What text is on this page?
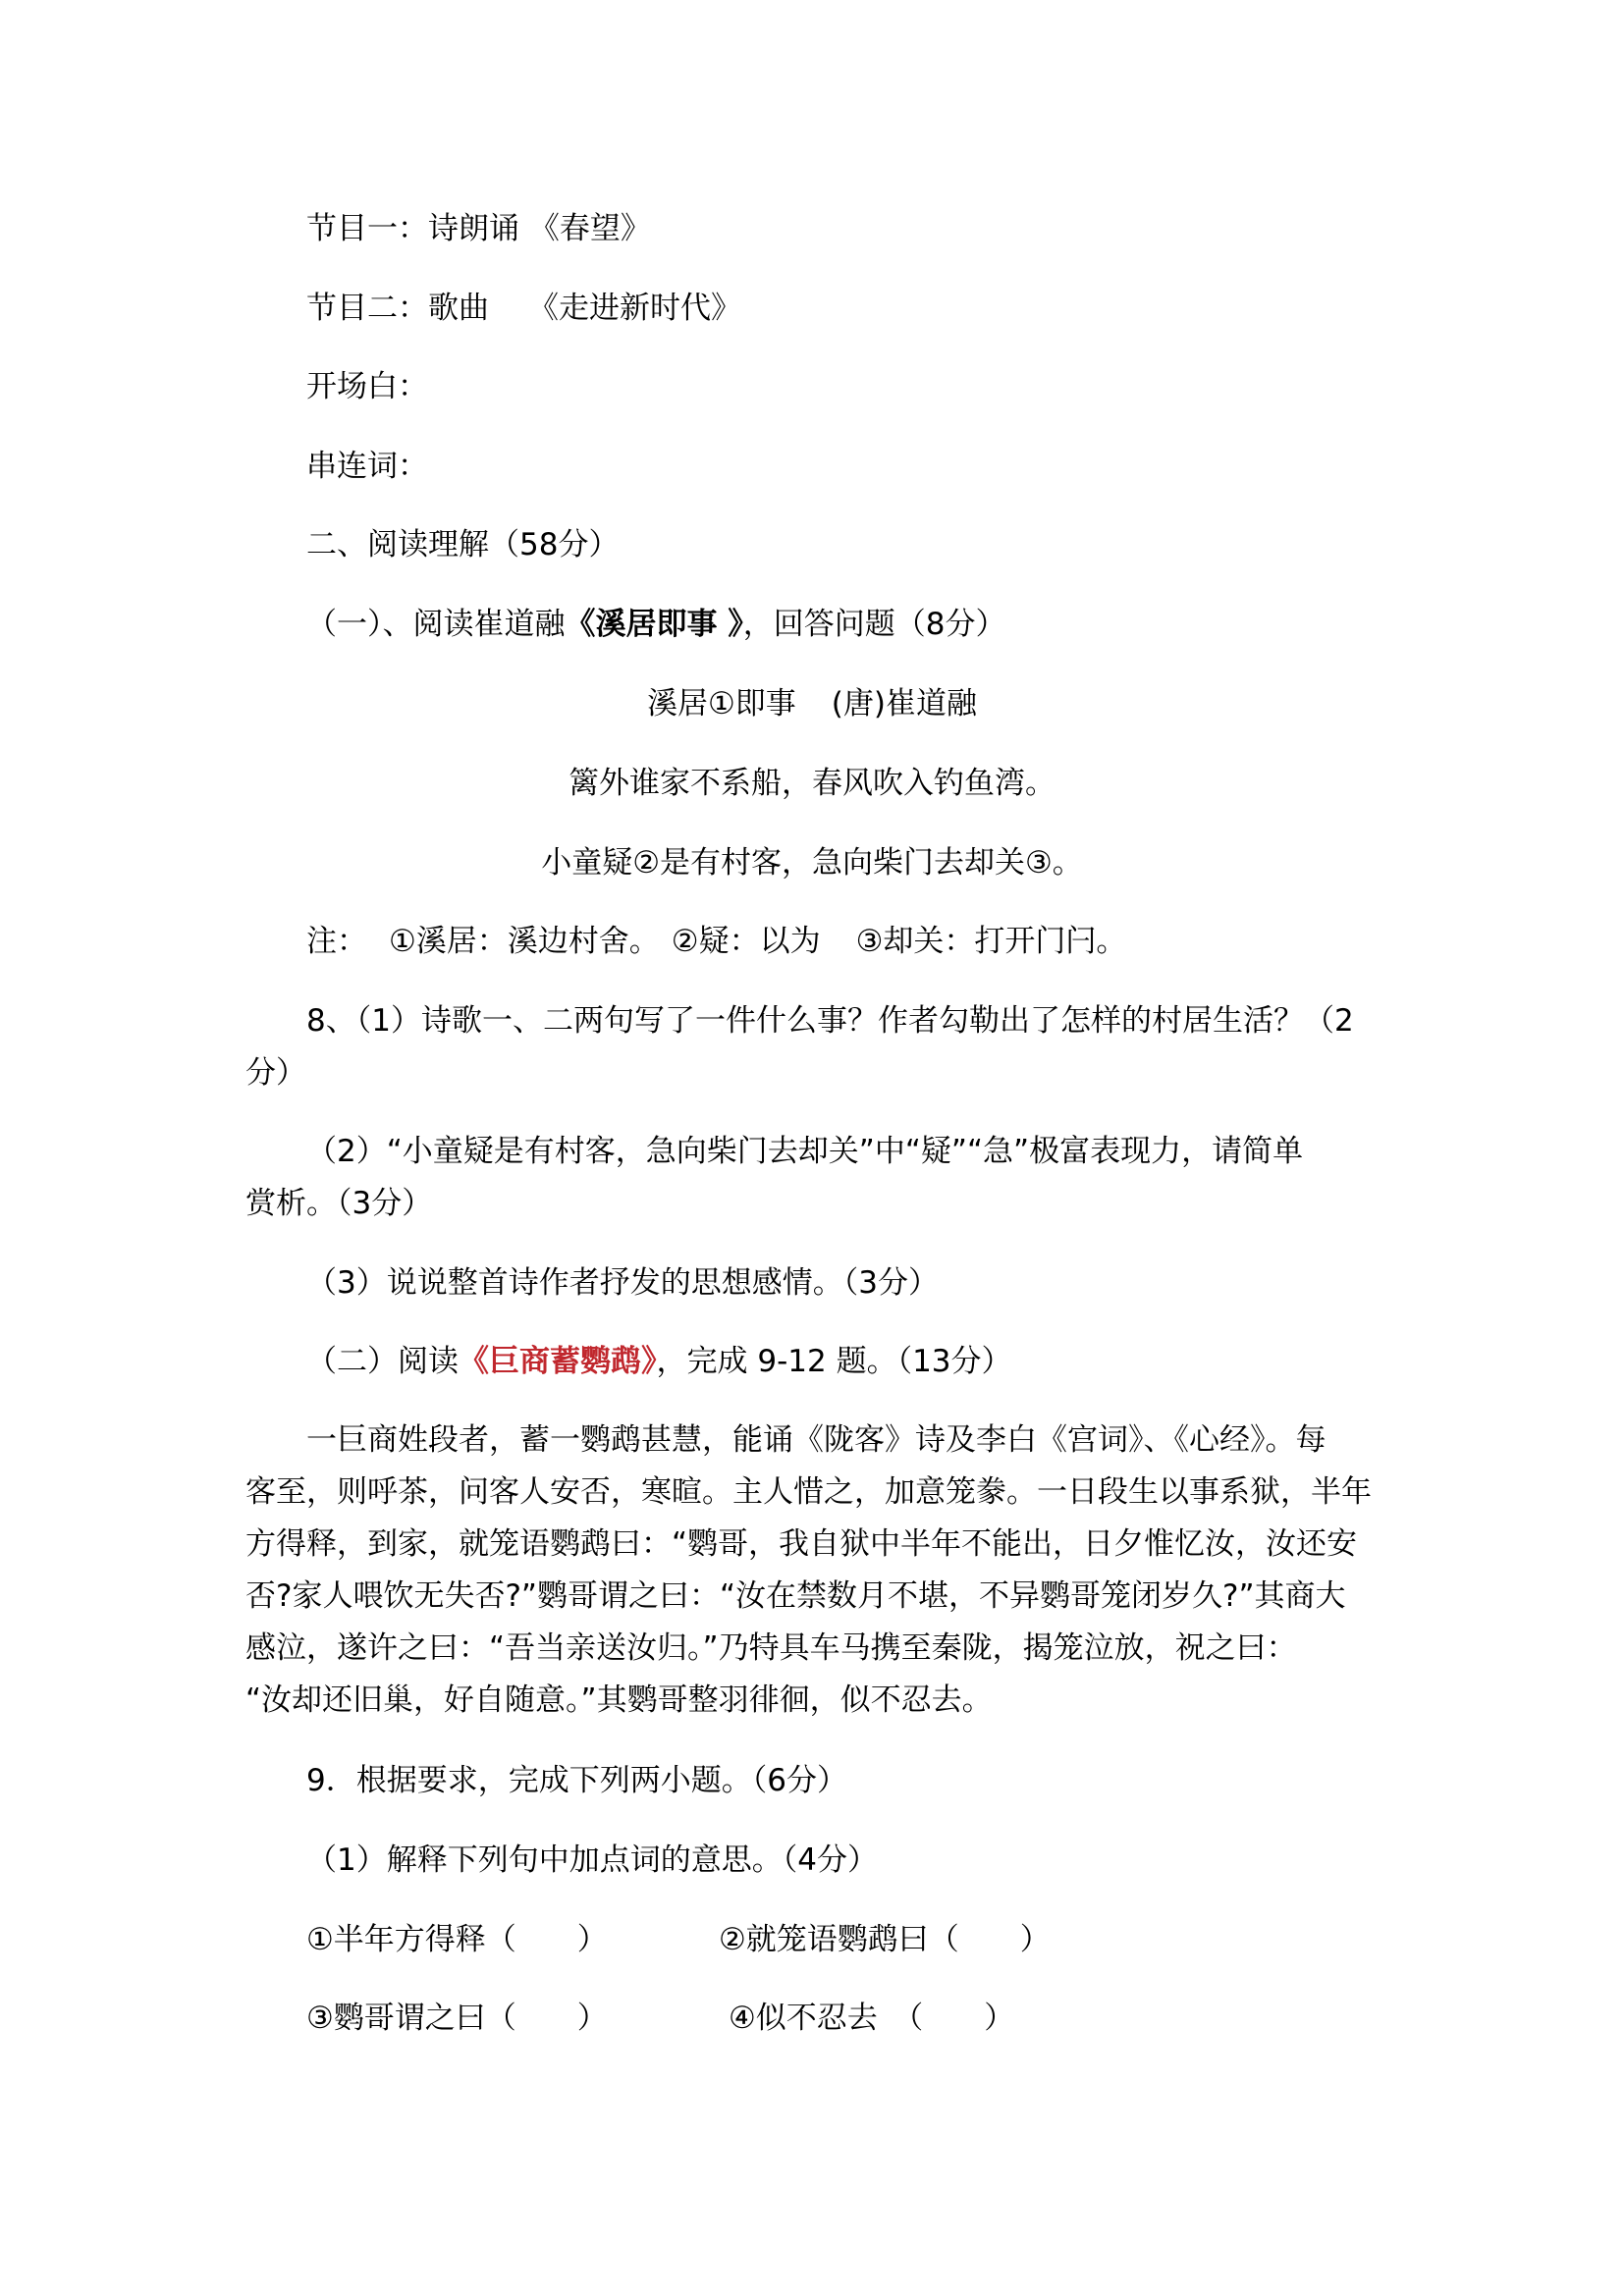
节目一：诗朗诵 《春望》
节目二：歌曲 《走进新时代》
开场白：
串连词：
二、阅读理解（58分）
（一）、阅读崔道融《溪居即事 》，回答问题（8分）
溪居①即事 (唐)崔道融
篱外谁家不系船，春风吹入钓鱼湾。
小童疑②是有村客，急向柴门去却关③。
注： ①溪居：溪边村舍。 ②疑：以为 ③却关：打开门闩。
8、（1）诗歌一、二两句写了一件什么事？作者勾勒出了怎样的村居生活？（2
分）
（2）“小童疑是有村客，急向柴门去却关”中“疑”“急”极富表现力，请简单
赏析。（3分）
（3）说说整首诗作者抒发的思想感情。（3分）
（二）阅读《巨商蓄鹦鹉》，完成 9-12 题。（13分）
一巨商姓段者，蓄一鹦鹉甚慧，能诵《陇客》诗及李白《宫词》、《心经》。每
客至，则呼茶，问客人安否，寒暄。主人惜之，加意笼豢。一日段生以事系狱，半年
方得释，到家，就笼语鹦鹉曰：“鹦哥，我自狱中半年不能出，日夕惟忆汝，汝还安
否?家人喂饮无失否?”鹦哥谓之曰：“汝在禁数月不堪，不异鹦哥笼闭岁久?”其商大
感泣，遂许之曰：“吾当亲送汝归。”乃特具车马携至秦陇，揭笼泣放，祝之曰：
“汝却还旧巢，好自随意。”其鹦哥整羽徘徊，似不忍去。
9．根据要求，完成下列两小题。（6分）
（1）解释下列句中加点词的意思。（4分）
①半年方得释（　　）	②就笼语鹦鹉曰（　　）
③鹦哥谓之曰（　　）	④似不忍去　（　　）
